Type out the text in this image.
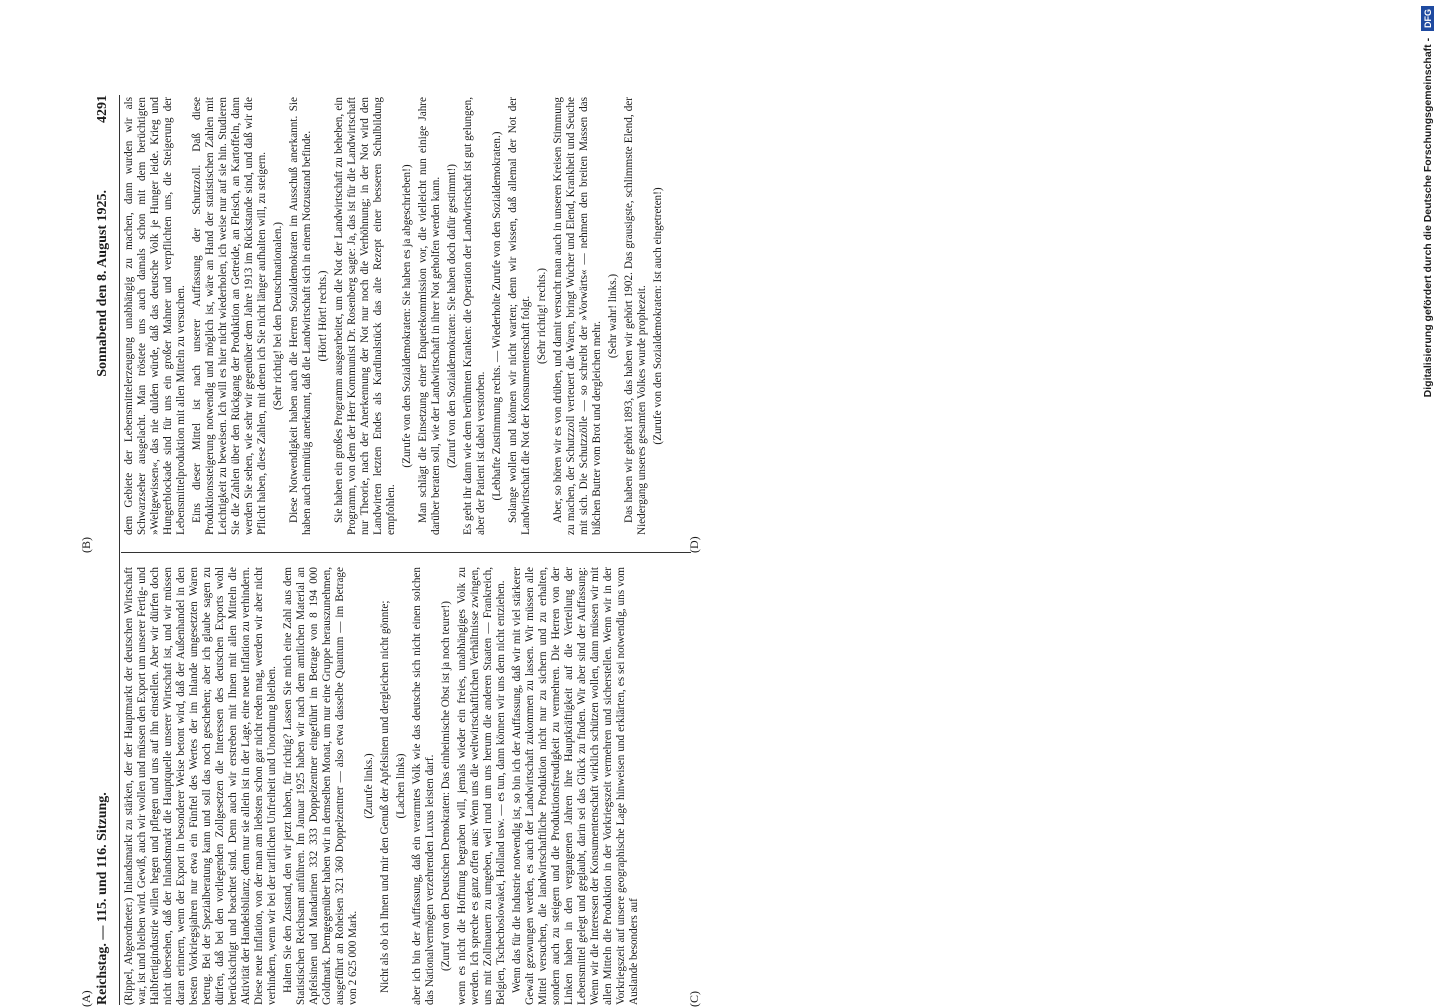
Reichstag. — 115. und 116. Sitzung.
Sonnabend den 8. August 1925.  4291

(Rippel, Abgeordneter.) Inlandsmarkt zu stärken, der der Hauptmarkt der deutschen Wirtschaft war, ist und bleiben wird. Gewiß, auch wir wollen und müssen den Export um unserer Fertig- und Halbfertigindustrie willen hegen und pflegen und uns auf ihn einstellen. Aber wir dürfen doch nicht übersehen, daß der Inlandsmarkt die Hauptquelle unserer Wirtschaft ist, und wir müssen daran erinnern, wenn der Export in besonderer Weise betont wird, daß der Außenhandel in den besten Vorkriegsjahren nur etwa ein Fünftel des Wertes der im Inlande umgesetzten Waren betrug. Bei der Spezialberatung kann und soll das noch geschehen; aber ich glaube sagen zu dürfen, daß bei den vorliegenden Zollgesetzen die Interessen des deutschen Exports wohl berücksichtigt und beachtet sind. Denn auch wir erstreben mit Ihnen mit allen Mitteln die Aktivität der Handelsbilanz; denn nur sie allein ist in der Lage, eine neue Inflation zu verhindern. Diese neue Inflation, von der man am liebsten schon gar nicht reden mag, werden wir aber nicht verhindern, wenn wir bei der tariflichen Unfreiheit und Unordnung bleiben. Halten Sie den Zustand, den wir jetzt haben, für richtig? Lassen Sie mich eine Zahl aus dem Statistischen Reichsamt anführen. Im Januar 1925 haben wir nach dem amtlichen Material an Apfelsinen und Mandarinen 332 333 Doppelzentner eingeführt im Betrage von 8 194 000 Goldmark. Demgegenüber haben wir in demselben Monat, um nur eine Gruppe herauszunehmen, ausgeführt an Roheisen 321 360 Doppelzentner — also etwa dasselbe Quantum — im Betrage von 2 625 000 Mark.

(Zurufe links.) Nicht als ob ich Ihnen und mir den Genuß der Apfelsinen und dergleichen nicht gönnte; (Lachen links) aber ich bin der Auffassung, daß ein verarmtes Volk wie das deutsche sich nicht einen solchen das Nationalvermögen verzehrenden Luxus leisten darf. (Zuruf von den Deutschen Demokraten: Das einheimische Obst ist ja noch teurer!) wenn es nicht die Hoffnung begraben will, jemals wieder ein freies, unabhängiges Volk zu werden. Ich spreche es ganz offen aus: Wenn uns die weltwirtschaftlichen Verhältnisse zwingen, uns mit Zollmauern zu umgeben, weil rund um uns herum die anderen Staaten — Frankreich, Belgien, Tschechoslowakei, Holland usw. — es tun, dann können wir uns dem nicht entziehen. Wenn das für die Industrie notwendig ist, so bin ich der Auffassung, daß wir mit viel stärkerer Gewalt gezwungen werden, es auch der Landwirtschaft zukommen zu lassen. Wir müssen alle Mittel versuchen, die landwirtschaftliche Produktion nicht nur zu sichern und zu erhalten, sondern auch zu steigern und die Produktionsfreudigkeit zu vermehren. Die Herren von der Linken haben in den vergangenen Jahren ihre Hauptkräftigkeit auf die Verteilung der Lebensmittel gelegt und geglaubt, darin sei das Glück zu finden. Wir aber sind der Auffassung: Wenn wir die Interessen der Konsumentenschaft wirklich schützen wollen, dann müssen wir mit allen Mitteln die Produktion in der Vorkriegszeit vermehren und sicherstellen. Wenn wir in der Vorkriegszeit auf unsere geographische Lage hinweisen und erklärten, es sei notwendig, uns vom Auslande besonders auf

dem Gebiete der Lebensmittelerzeugung unabhängig zu machen, dann wurden wir als Schwarzseher ausgelacht. Man tröstete uns auch damals schon mit dem berüchtigten »Weltgewissen«, das nie dulden würde, daß das deutsche Volk je Hunger leide. Krieg und Hungerblockade sind für uns ein großer Mahner und verpflichten uns, die Steigerung der Lebensmittelproduktion mit allen Mitteln zu versuchen. Eins dieser Mittel ist nach unserer Auffassung der Schutzzoll. Daß diese Produktionssteigerung notwendig und möglich ist, wäre an Hand der statistischen Zahlen mit Leichtigkeit zu beweisen. Ich will es hier nicht wiederholen, ich weise nur auf sie hin. Studieren Sie die Zahlen über den Rückgang der Produktion an Getreide, an Fleisch, an Kartoffeln, dann werden Sie sehen, wie sehr wir gegenüber dem Jahre 1913 im Rückstande sind, und daß wir die Pflicht haben, diese Zahlen, mit denen ich Sie nicht länger aufhalten will, zu steigern. (Sehr richtig! bei den Deutschnationalen.) Diese Notwendigkeit haben auch die Herren Sozialdemokraten im Ausschuß anerkannt. Sie haben auch einmütig anerkannt, daß die Landwirtschaft sich in einem Notzustand befinde. (Hört! Hört! rechts.) Sie haben ein großes Programm ausgearbeitet, um die Not der Landwirtschaft zu beheben, ein Programm, von dem der Herr Kommunist Dr. Rosenberg sagte: Ja, das ist für die Landwirtschaft nur Theorie, nach der Anerkennung der Not nur noch die Verhöhnung; in der Not wird den Landwirten letzten Endes als Kardinalstück das alte Rezept einer besseren Schulbildung empfohlen.

(Zurufe von den Sozialdemokraten: Sie haben es ja abgeschrieben!) Man schlägt die Einsetzung einer Enquetekommission vor, die vielleicht nun einige Jahre darüber beraten soll, wie der Landwirtschaft in ihrer Not geholfen werden kann. (Zuruf von den Sozialdemokraten: Sie haben doch dafür gestimmt!) Es geht ihr dann wie dem berühmten Kranken: die Operation der Landwirtschaft ist gut gelungen, aber der Patient ist dabei verstorben. (Lebhafte Zustimmung rechts. — Wiederholte Zurufe von den Sozialdemokraten.) Solange wollen und können wir nicht warten; denn wir wissen, daß allemal der Not der Landwirtschaft die Not der Konsumentenschaft folgt. (Sehr richtig! rechts.) Aber, so hören wir es von drüben, und damit versucht man auch in unseren Kreisen Stimmung zu machen, der Schutzzoll verteuert die Waren, bringt Wucher und Elend, Krankheit und Seuche mit sich. Die Schutzzölle — so schreibt der »Vorwärts« — nehmen den breiten Massen das bißchen Butter vom Brot und dergleichen mehr.

(Sehr wahr! links.) Das haben wir gehört 1893, das haben wir gehört 1902. Das grausigste, schlimmste Elend, der Niedergang unseres gesamten Volkes wurde prophezeit. (Zurufe von den Sozialdemokraten: Ist auch eingetreten!)

(A)
(B)
(C)
(D)
Digitalisierung gefördert durch die Deutsche Forschungsgemeinschaft - DFG
